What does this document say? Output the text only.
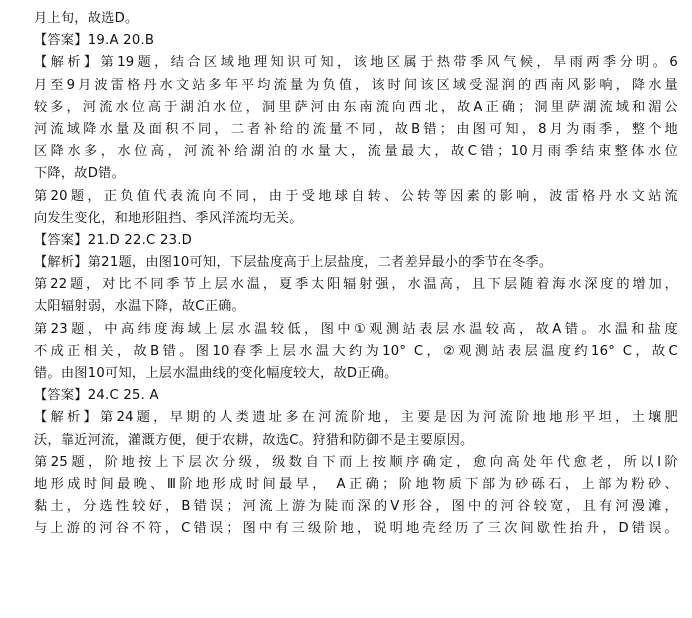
月上旬，故选D。
【答案】19.A 20.B
【解析】第19题，结合区域地理知识可知，该地区属于热带季风气候，旱雨两季分明。6
月至9月波雷格丹水文站多年平均流量为负值，该时间该区域受湿润的西南风影响，降水量
较多，河流水位高于湖泊水位，洞里萨河由东南流向西北，故A正确；洞里萨湖流域和湄公
河流域降水量及面积不同，二者补给的流量不同，故B错；由图可知，8月为雨季，整个地
区降水多，水位高，河流补给湖泊的水量大，流量最大，故C错；10月雨季结束整体水位
下降，故D错。
第20题，正负值代表流向不同，由于受地球自转、公转等因素的影响，波雷格丹水文站流
向发生变化，和地形阻挡、季风洋流均无关。
【答案】21.D 22.C 23.D
【解析】第21题，由图10可知，下层盐度高于上层盐度，二者差异最小的季节在冬季。
第22题，对比不同季节上层水温，夏季太阳辐射强，水温高，且下层随着海水深度的增加，
太阳辐射弱，水温下降，故C正确。
第23题，中高纬度海域上层水温较低，图中①观测站表层水温较高，故A错。水温和盐度
不成正相关，故B错。图10春季上层水温大约为10° C，②观测站表层温度约16° C，故C
错。由图10可知，上层水温曲线的变化幅度较大，故D正确。
【答案】24.C 25. A
【解析】第24题，早期的人类遗址多在河流阶地，主要是因为河流阶地地形平坦，土壤肥
沃，靠近河流，灌溉方便，便于农耕，故选C。狩猎和防御不是主要原因。
第25题，阶地按上下层次分级，级数自下而上按顺序确定，愈向高处年代愈老，所以Ⅰ阶
地形成时间最晚、Ⅲ阶地形成时间最早， A正确；阶地物质下部为砂砾石，上部为粉砂、
黏土，分选性较好，B错误；河流上游为陡而深的V形谷，图中的河谷较宽，且有河漫滩，
与上游的河谷不符，C错误；图中有三级阶地，说明地壳经历了三次间歇性抬升，D错误。
